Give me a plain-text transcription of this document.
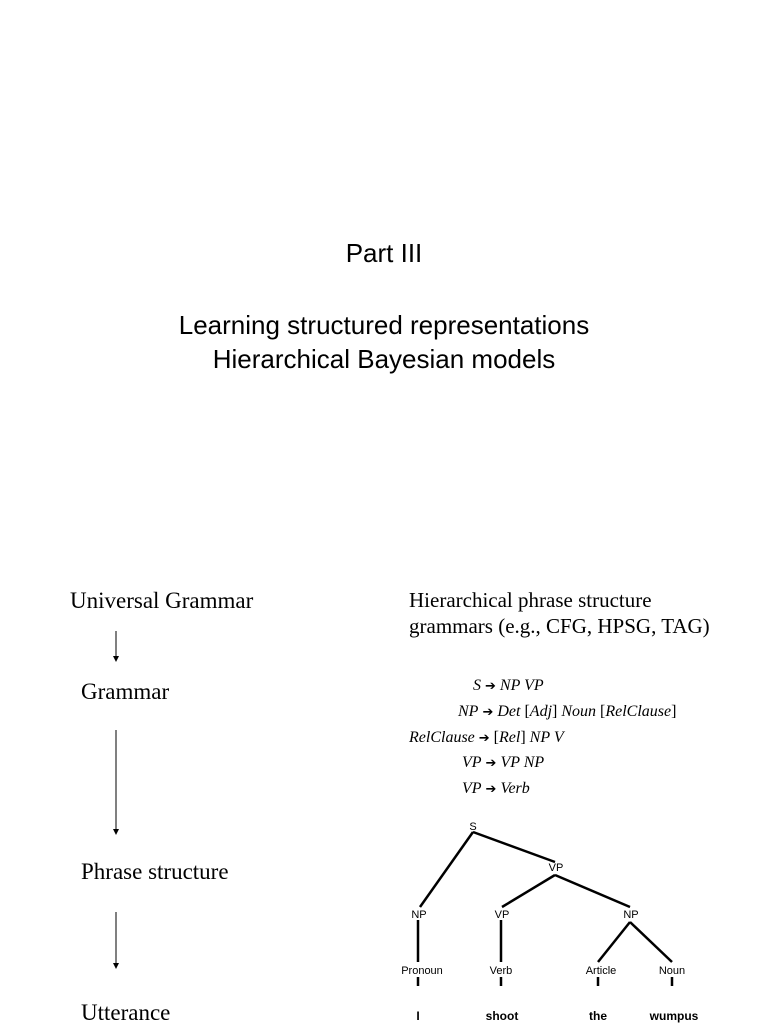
Part III
Learning structured representations
Hierarchical Bayesian models
Universal Grammar
Grammar
Phrase structure
Utterance
Hierarchical phrase structure
grammars (e.g., CFG, HPSG, TAG)
S ➔ NP VP
NP ➔ Det [Adj] Noun [RelClause]
RelClause ➔ [Rel] NP V
VP ➔ VP NP
VP ➔ Verb
S
VP
NP	VP	NP
Pronoun	Verb	Article	Noun
I	shoot	the	wumpus
